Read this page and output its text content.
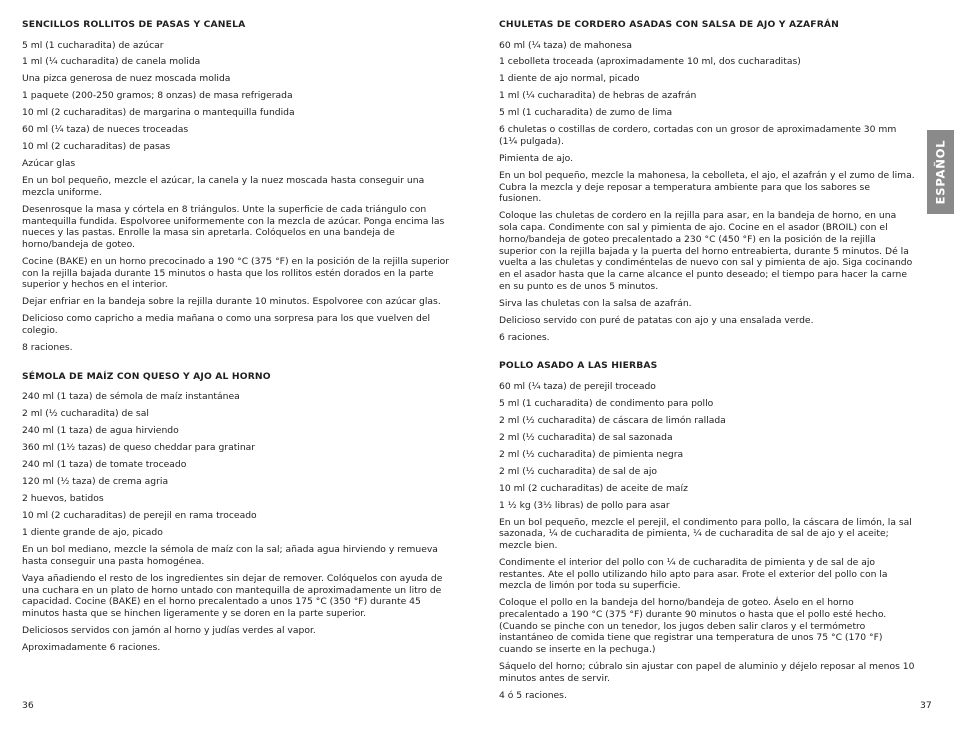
SENCILLOS ROLLITOS DE PASAS Y CANELA

5 ml (1 cucharadita) de azúcar

1 ml (¼ cucharadita) de canela molida

Una pizca generosa de nuez moscada molida

1 paquete (200-250 gramos; 8 onzas) de masa refrigerada

10 ml (2 cucharaditas) de margarina o mantequilla fundida

60 ml (¼ taza) de nueces troceadas

10 ml (2 cucharaditas) de pasas

Azúcar glas

En un bol pequeño, mezcle el azúcar, la canela y la nuez moscada hasta conseguir una mezcla uniforme.

Desenrosque la masa y córtela en 8 triángulos. Unte la superficie de cada triángulo con mantequilla fundida. Espolvoree uniformemente con la mezcla de azúcar. Ponga encima las nueces y las pastas. Enrolle la masa sin apretarla. Colóquelos en una bandeja de horno/bandeja de goteo.

Cocine (BAKE) en un horno precocinado a 190 °C (375 °F) en la posición de la rejilla superior con la rejilla bajada durante 15 minutos o hasta que los rollitos estén dorados en la parte superior y hechos en el interior.

Dejar enfriar en la bandeja sobre la rejilla durante 10 minutos. Espolvoree con azúcar glas.

Delicioso como capricho a media mañana o como una sorpresa para los que vuelven del colegio.

8 raciones.

SÉMOLA DE MAÍZ CON QUESO Y AJO AL HORNO

240 ml (1 taza) de sémola de maíz instantánea

2 ml (½ cucharadita) de sal

240 ml (1 taza) de agua hirviendo

360 ml (1½ tazas) de queso cheddar para gratinar

240 ml (1 taza) de tomate troceado

120 ml (½ taza) de crema agria

2 huevos, batidos

10 ml (2 cucharaditas) de perejil en rama troceado

1 diente grande de ajo, picado

En un bol mediano, mezcle la sémola de maíz con la sal; añada agua hirviendo y remueva hasta conseguir una pasta homogénea.

Vaya añadiendo el resto de los ingredientes sin dejar de remover. Colóquelos con ayuda de una cuchara en un plato de horno untado con mantequilla de aproximadamente un litro de capacidad. Cocine (BAKE) en el horno precalentado a unos 175 °C (350 °F) durante 45 minutos hasta que se hinchen ligeramente y se doren en la parte superior.

Deliciosos servidos con jamón al horno y judías verdes al vapor.

Aproximadamente 6 raciones.

CHULETAS DE CORDERO ASADAS CON SALSA DE AJO Y AZAFRÁN

60 ml (¼ taza) de mahonesa

1 cebolleta troceada (aproximadamente 10 ml, dos cucharaditas)

1 diente de ajo normal, picado

1 ml (¼ cucharadita) de hebras de azafrán

5 ml (1 cucharadita) de zumo de lima

6 chuletas o costillas de cordero, cortadas con un grosor de aproximadamente 30 mm (1¼ pulgada).

Pimienta de ajo.

En un bol pequeño, mezcle la mahonesa, la cebolleta, el ajo, el azafrán y el zumo de lima. Cubra la mezcla y deje reposar a temperatura ambiente para que los sabores se fusionen.

Coloque las chuletas de cordero en la rejilla para asar, en la bandeja de horno, en una sola capa. Condimente con sal y pimienta de ajo. Cocine en el asador (BROIL) con el horno/bandeja de goteo precalentado a 230 °C (450 °F) en la posición de la rejilla superior con la rejilla bajada y la puerta del horno entreabierta, durante 5 minutos. Dé la vuelta a las chuletas y condiméntelas de nuevo con sal y pimienta de ajo. Siga cocinando en el asador hasta que la carne alcance el punto deseado; el tiempo para hacer la carne en su punto es de unos 5 minutos.

Sirva las chuletas con la salsa de azafrán.

Delicioso servido con puré de patatas con ajo y una ensalada verde.

6 raciones.

POLLO ASADO A LAS HIERBAS

60 ml (¼ taza) de perejil troceado

5 ml (1 cucharadita) de condimento para pollo

2 ml (½ cucharadita) de cáscara de limón rallada

2 ml (½ cucharadita) de sal sazonada

2 ml (½ cucharadita) de pimienta negra

2 ml (½ cucharadita) de sal de ajo

10 ml (2 cucharaditas) de aceite de maíz

1 ½ kg (3½ libras) de pollo para asar

En un bol pequeño, mezcle el perejil, el condimento para pollo, la cáscara de limón, la sal sazonada, ¼ de cucharadita de pimienta, ¼ de cucharadita de sal de ajo y el aceite; mezcle bien.

Condimente el interior del pollo con ¼ de cucharadita de pimienta y de sal de ajo restantes. Ate el pollo utilizando hilo apto para asar. Frote el exterior del pollo con la mezcla de limón por toda su superficie.

Coloque el pollo en la bandeja del horno/bandeja de goteo. Áselo en el horno precalentado a 190 °C (375 °F) durante 90 minutos o hasta que el pollo esté hecho. (Cuando se pinche con un tenedor, los jugos deben salir claros y el termómetro instantáneo de comida tiene que registrar una temperatura de unos 75 °C (170 °F) cuando se inserte en la pechuga.)

Sáquelo del horno; cúbralo sin ajustar con papel de aluminio y déjelo reposar al menos 10 minutos antes de servir.

4 ó 5 raciones.

36	37
ESPAÑOL
